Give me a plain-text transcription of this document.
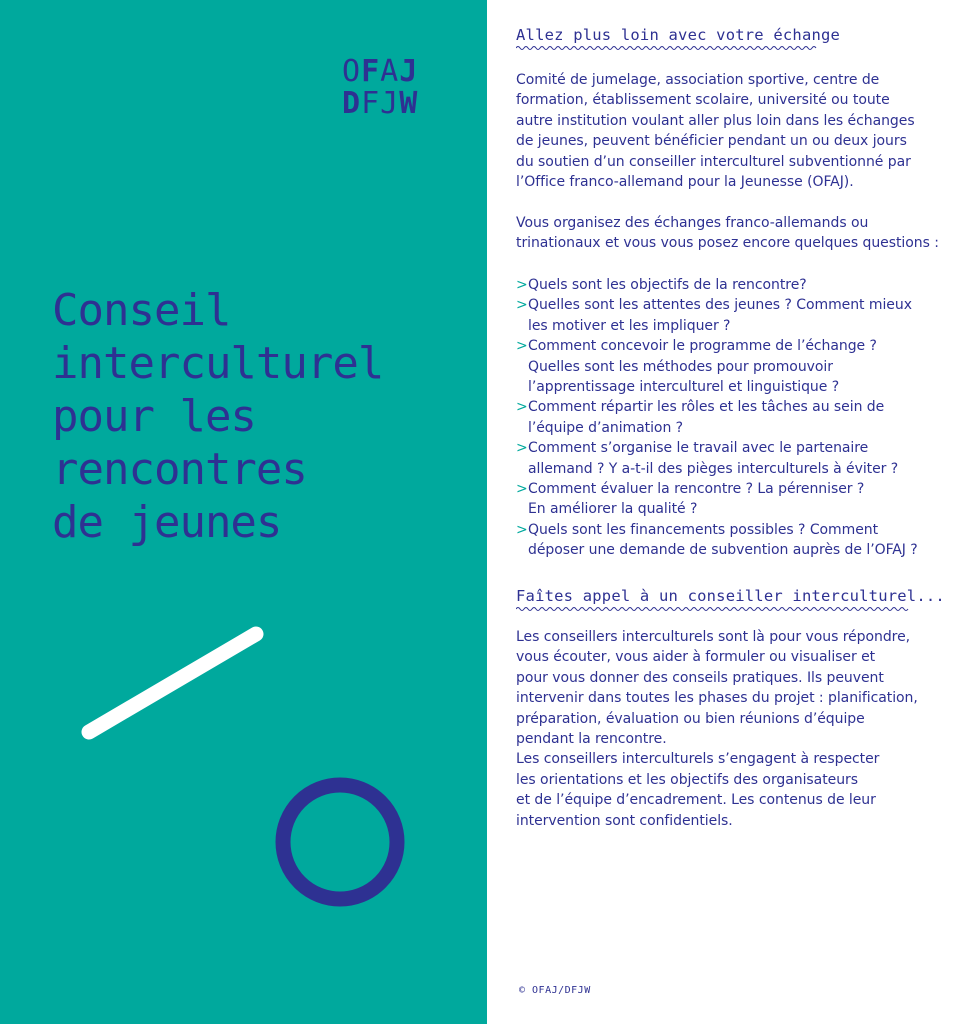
OFAJ
DFJW
Conseil
interculturel
pour les
rencontres
de jeunes
Allez plus loin avec votre échange
Comité de jumelage, association sportive, centre de
formation, établissement scolaire, université ou toute
autre institution voulant aller plus loin dans les échanges
de jeunes, peuvent bénéficier pendant un ou deux jours
du soutien d’un conseiller interculturel subventionné par
l’Office franco-allemand pour la Jeunesse (OFAJ).
Vous organisez des échanges franco-allemands ou
trinationaux et vous vous posez encore quelques questions :
> Quels sont les objectifs de la rencontre?
> Quelles sont les attentes des jeunes ? Comment mieux
les motiver et les impliquer ?
> Comment concevoir le programme de l’échange ?
Quelles sont les méthodes pour promouvoir
l’apprentissage interculturel et linguistique ?
> Comment répartir les rôles et les tâches au sein de
l’équipe d’animation ?
> Comment s’organise le travail avec le partenaire
allemand ? Y a-t-il des pièges interculturels à éviter ?
> Comment évaluer la rencontre ? La pérenniser ?
En améliorer la qualité ?
> Quels sont les financements possibles ? Comment
déposer une demande de subvention auprès de l’OFAJ ?
Faîtes appel à un conseiller interculturel...
Les conseillers interculturels sont là pour vous répondre,
vous écouter, vous aider à formuler ou visualiser et
pour vous donner des conseils pratiques. Ils peuvent
intervenir dans toutes les phases du projet : planification,
préparation, évaluation ou bien réunions d’équipe
pendant la rencontre.
Les conseillers interculturels s’engagent à respecter
les orientations et les objectifs des organisateurs
et de l’équipe d’encadrement. Les contenus de leur
intervention sont confidentiels.
© OFAJ/DFJW
